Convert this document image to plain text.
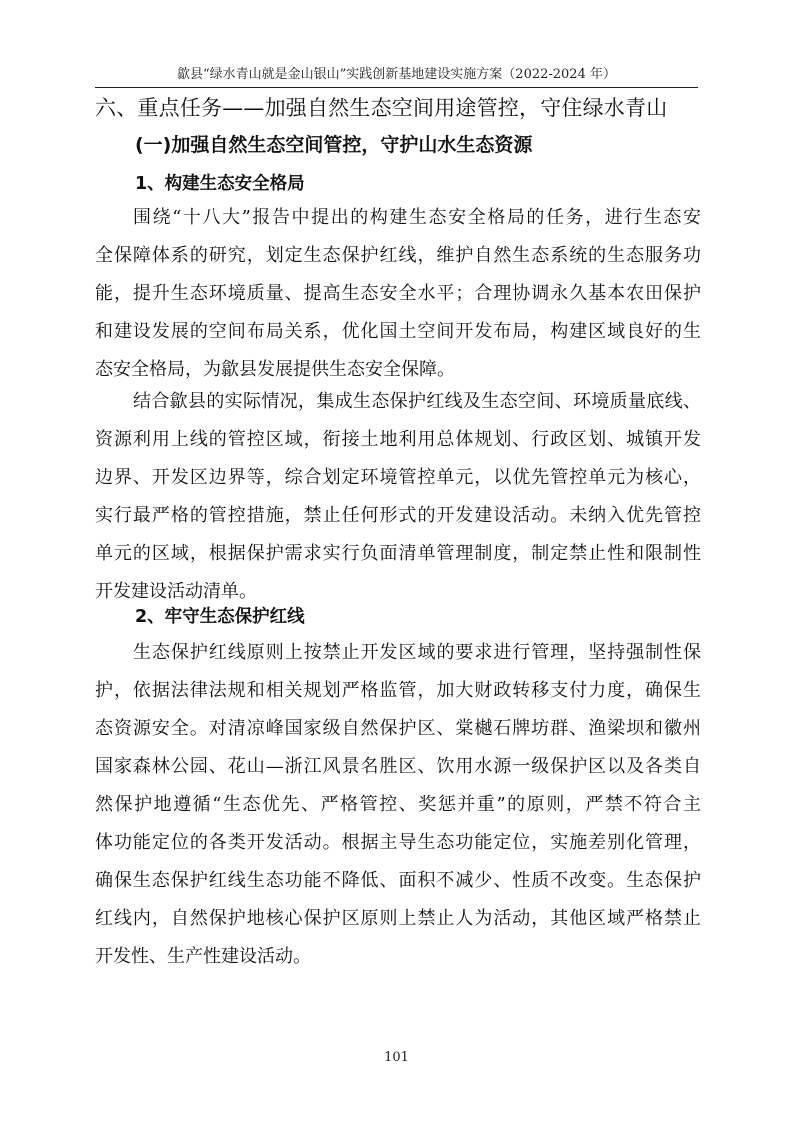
歙县“绿水青山就是金山银山”实践创新基地建设实施方案（2022-2024 年）
六、重点任务——加强自然生态空间用途管控，守住绿水青山
(一)加强自然生态空间管控，守护山水生态资源
1、构建生态安全格局
围绕“十八大”报告中提出的构建生态安全格局的任务，进行生态安
全保障体系的研究，划定生态保护红线，维护自然生态系统的生态服务功
能，提升生态环境质量、提高生态安全水平；合理协调永久基本农田保护
和建设发展的空间布局关系，优化国土空间开发布局，构建区域良好的生
态安全格局，为歙县发展提供生态安全保障。
结合歙县的实际情况，集成生态保护红线及生态空间、环境质量底线、
资源利用上线的管控区域，衔接土地利用总体规划、行政区划、城镇开发
边界、开发区边界等，综合划定环境管控单元，以优先管控单元为核心，
实行最严格的管控措施，禁止任何形式的开发建设活动。未纳入优先管控
单元的区域，根据保护需求实行负面清单管理制度，制定禁止性和限制性
开发建设活动清单。
2、牢守生态保护红线
生态保护红线原则上按禁止开发区域的要求进行管理，坚持强制性保
护，依据法律法规和相关规划严格监管，加大财政转移支付力度，确保生
态资源安全。对清凉峰国家级自然保护区、棠樾石牌坊群、渔梁坝和徽州
国家森林公园、花山—浙江风景名胜区、饮用水源一级保护区以及各类自
然保护地遵循“生态优先、严格管控、奖惩并重”的原则，严禁不符合主
体功能定位的各类开发活动。根据主导生态功能定位，实施差别化管理，
确保生态保护红线生态功能不降低、面积不减少、性质不改变。生态保护
红线内，自然保护地核心保护区原则上禁止人为活动，其他区域严格禁止
开发性、生产性建设活动。
101
